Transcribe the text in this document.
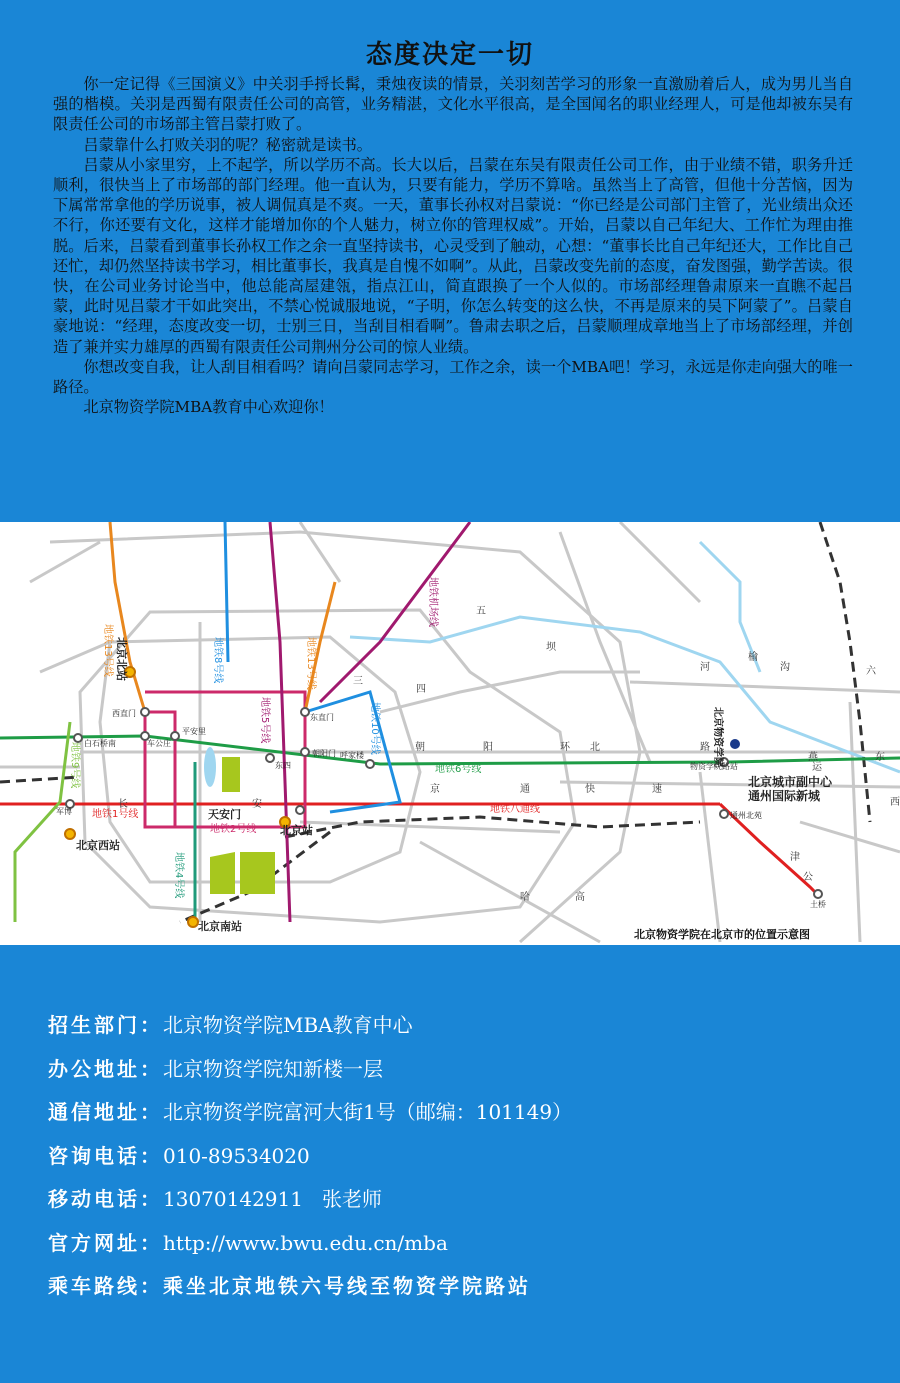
态度决定一切

你一定记得《三国演义》中关羽手捋长髯，秉烛夜读的情景，关羽刻苦学习的形象一直激励着后人，成为男儿当自强的楷模。关羽是西蜀有限责任公司的高管，业务精湛，文化水平很高，是全国闻名的职业经理人，可是他却被东吴有限责任公司的市场部主管吕蒙打败了。

吕蒙靠什么打败关羽的呢？秘密就是读书。

吕蒙从小家里穷，上不起学，所以学历不高。长大以后，吕蒙在东吴有限责任公司工作，由于业绩不错，职务升迁顺利，很快当上了市场部的部门经理。他一直认为，只要有能力，学历不算啥。虽然当上了高管，但他十分苦恼，因为下属常常拿他的学历说事，被人调侃真是不爽。一天，董事长孙权对吕蒙说：“你已经是公司部门主管了，光业绩出众还不行，你还要有文化，这样才能增加你的个人魅力，树立你的管理权威”。开始，吕蒙以自己年纪大、工作忙为理由推脱。后来，吕蒙看到董事长孙权工作之余一直坚持读书，心灵受到了触动，心想：“董事长比自己年纪还大，工作比自己还忙，却仍然坚持读书学习，相比董事长，我真是自愧不如啊”。从此，吕蒙改变先前的态度，奋发图强，勤学苦读。很快，在公司业务讨论当中，他总能高屋建瓴，指点江山，简直跟换了一个人似的。市场部经理鲁肃原来一直瞧不起吕蒙，此时见吕蒙才干如此突出，不禁心悦诚服地说，“子明，你怎么转变的这么快，不再是原来的吴下阿蒙了”。吕蒙自豪地说：“经理，态度改变一切，士别三日，当刮目相看啊”。鲁肃去职之后，吕蒙顺理成章地当上了市场部经理，并创造了兼并实力雄厚的西蜀有限责任公司荆州分公司的惊人业绩。

你想改变自我，让人刮目相看吗？请向吕蒙同志学习，工作之余，读一个MBA吧！学习，永远是你走向强大的唯一路径。

北京物资学院MBA教育中心欢迎你！

地铁13号线	地铁8号线	地铁13号线
地铁5号线	地铁10号线
地铁9号线
地铁4号线
地铁1号线
地铁2号线
地铁6号线
地铁八通线
地铁机场线
北京北站
西直门
白石桥南	车公庄
平安里
东直门
朝阳门 呼家楼
东四
天安门
北京站
北京西站
北京南站
军博
物资学院路站
通州北苑
土桥
北京物资学院
北京城市副中心
通州国际新城
五
四
三
六
环
阳
朝	路
北
京	通	快	速
长	安
坝
河
榆
运
沟
哈	高
燕	东
西
津
公
北京物资学院在北京市的位置示意图
招生部门：北京物资学院MBA教育中心
办公地址：北京物资学院知新楼一层
通信地址：北京物资学院富河大街1号（邮编：101149）
咨询电话：010-89534020
移动电话：13070142911   张老师
官方网址：http://www.bwu.edu.cn/mba
乘车路线：乘坐北京地铁六号线至物资学院路站
